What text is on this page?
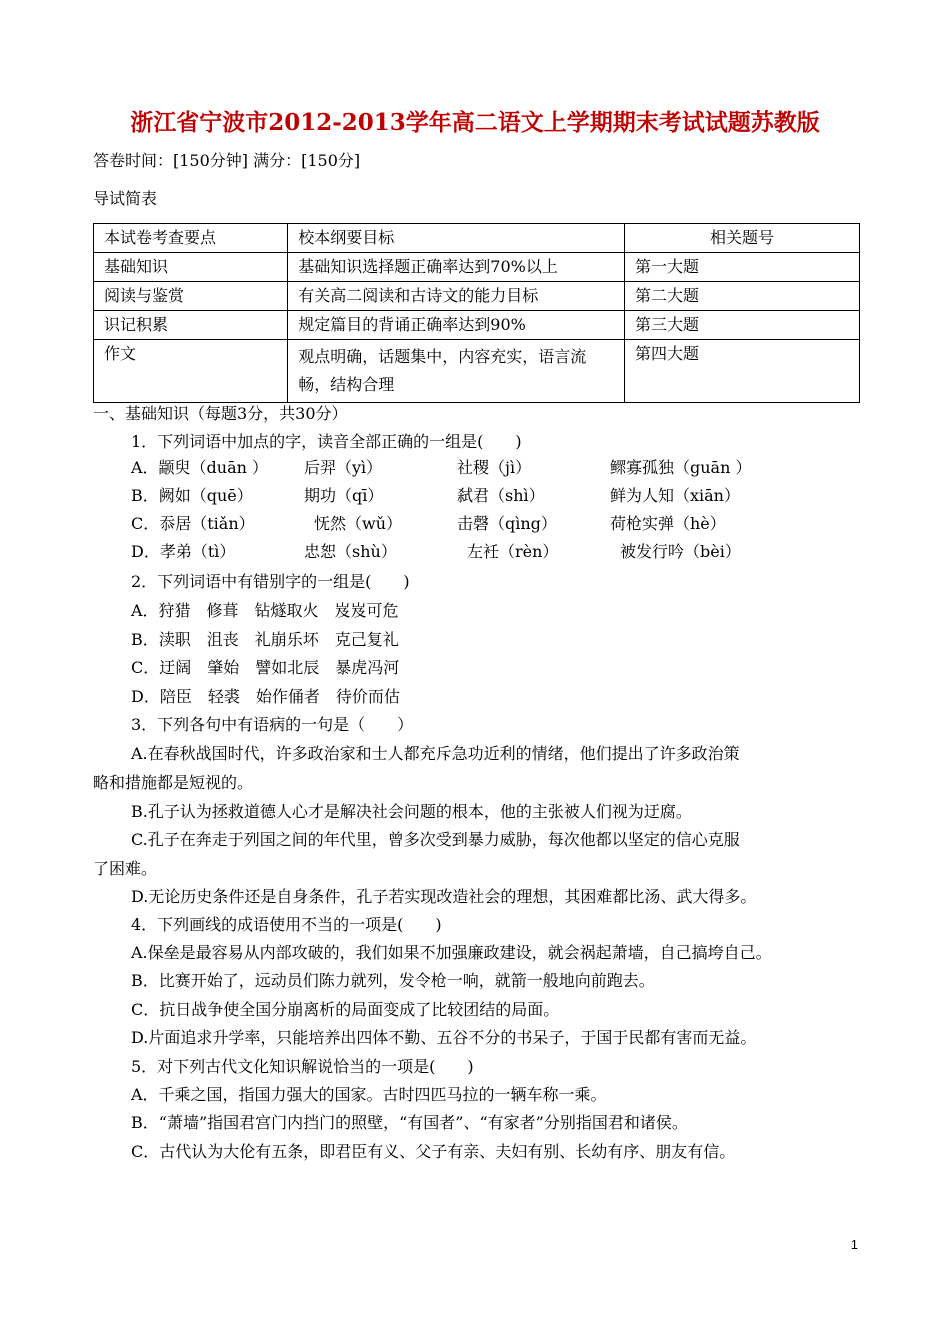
浙江省宁波市2012-2013学年高二语文上学期期末考试试题苏教版
答卷时间：[150分钟] 满分：[150分]
导试简表
本试卷考查要点	校本纲要目标	相关题号
基础知识	基础知识选择题正确率达到70%以上	第一大题
阅读与鉴赏	有关高二阅读和古诗文的能力目标	第二大题
识记积累	规定篇目的背诵正确率达到90%	第三大题
作文	观点明确，话题集中，内容充实，语言流畅，结构合理	第四大题
一、基础知识（每题3分，共30分）
1．下列词语中加点的字，读音全部正确的一组是(　　)
A．颛臾（duān ） 后羿（yì）	社稷（jì）	鳏寡孤独（guān ）
B．阙如（quē）	期功（qī）	弑君（shì）	鲜为人知（xiān）
C．忝居（tiǎn）	怃然（wǔ）	击磬（qìng）	荷枪实弹（hè）
D．孝弟（tì）	忠恕（shù）	左衽（rèn）	被发行吟（bèi）
2．下列词语中有错别字的一组是(　　)
A．狩猎　修葺　钻燧取火　岌岌可危
B．渎职　沮丧　礼崩乐坏　克己复礼
C．迂阔　肇始　譬如北辰　暴虎冯河
D．陪臣　轻裘　始作俑者　待价而估
3．下列各句中有语病的一句是（　　）
A.在春秋战国时代，许多政治家和士人都充斥急功近利的情绪，他们提出了许多政治策
略和措施都是短视的。
B.孔子认为拯救道德人心才是解决社会问题的根本，他的主张被人们视为迂腐。
C.孔子在奔走于列国之间的年代里，曾多次受到暴力威胁，每次他都以坚定的信心克服
了困难。
D.无论历史条件还是自身条件，孔子若实现改造社会的理想，其困难都比汤、武大得多。
4．下列画线的成语使用不当的一项是(　　)
A.保垒是最容易从内部攻破的，我们如果不加强廉政建设，就会祸起萧墙，自己搞垮自己。
B．比赛开始了，远动员们陈力就列，发令枪一响，就箭一般地向前跑去。
C．抗日战争使全国分崩离析的局面变成了比较团结的局面。
D.片面追求升学率，只能培养出四体不勤、五谷不分的书呆子，于国于民都有害而无益。
5．对下列古代文化知识解说恰当的一项是(　　)
A．千乘之国，指国力强大的国家。古时四匹马拉的一辆车称一乘。
B．“萧墙”指国君宫门内挡门的照壁，“有国者”、“有家者”分别指国君和诸侯。
C．古代认为大伦有五条，即君臣有义、父子有亲、夫妇有别、长幼有序、朋友有信。
1
